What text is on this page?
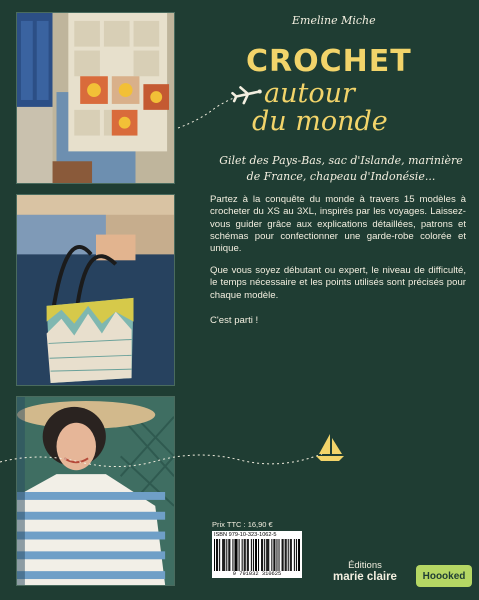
Emeline Miche
CROCHET
autour
du monde
Gilet des Pays-Bas, sac d'Islande, marinière de France, chapeau d'Indonésie...

Partez à la conquête du monde à travers 15 modèles à crocheter du XS au 3XL, inspirés par les voyages. Laissez-vous guider grâce aux explications détaillées, patrons et schémas pour confectionner une garde-robe colorée et unique.

Que vous soyez débutant ou expert, le niveau de difficulté, le temps nécessaire et les points utilisés sont précisés pour chaque modèle.

C'est parti !

Prix TTC : 16,90 €
ISBN 979-10-323-1062-5
9 791032 310625
Éditions
marie claire	Hoooked
